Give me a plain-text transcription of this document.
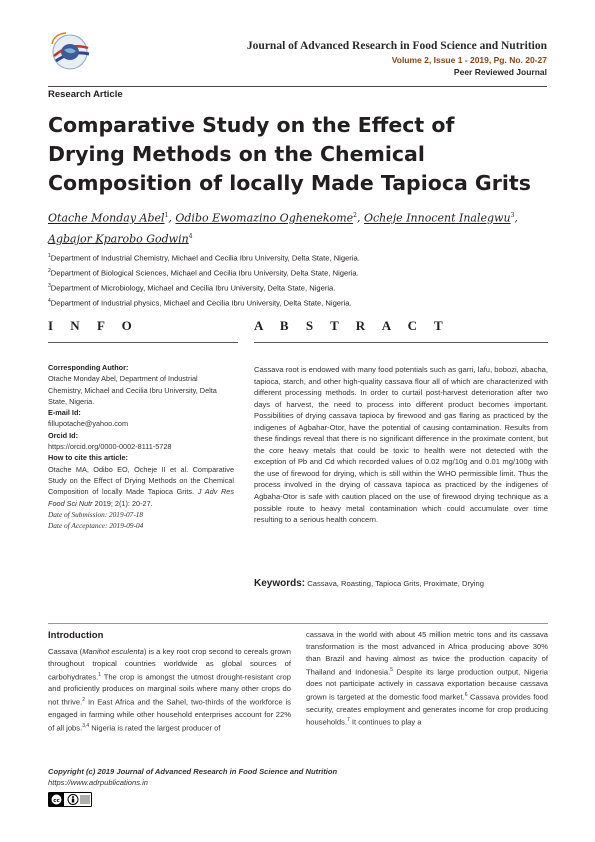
Journal of Advanced Research in Food Science and Nutrition
Volume 2, Issue 1 - 2019, Pg. No. 20-27
Peer Reviewed Journal
Research Article
Comparative Study on the Effect of Drying Methods on the Chemical Composition of locally Made Tapioca Grits
Otache Monday Abel$^1$, Odibo Ewomazino Oghenekome$^2$, Ocheje Innocent Inalegwu$^3$,
Agbajor Kparobo Godwin$^4$
$^1$Department of Industrial Chemistry, Michael and Cecilia Ibru University, Delta State, Nigeria.
$^2$Department of Biological Sciences, Michael and Cecilia Ibru University, Delta State, Nigeria.
$^3$Department of Microbiology, Michael and Cecilia Ibru University, Delta State, Nigeria.
$^4$Department of Industrial physics, Michael and Cecilia Ibru University, Delta State, Nigeria.
I N F O	A B S T R A C T
Corresponding Author:
Otache Monday Abel, Department of Industrial Chemistry, Michael and Cecilia Ibru University, Delta State, Nigeria.
E-mail Id:
fillupotache@yahoo.com
Orcid Id:
https://orcid.org/0000-0002-8111-5728
How to cite this article:
Otache MA, Odibo EO, Ocheje II et al. Comparative Study on the Effect of Drying Methods on the Chemical Composition of locally Made Tapioca Grits. J Adv Res Food Sci Nutr 2019; 2(1): 20-27.
Date of Submission: 2019-07-18
Date of Acceptance: 2019-09-04
Cassava root is endowed with many food potentials such as garri, lafu, bobozi, abacha, tapioca, starch, and other high-quality cassava flour all of which are characterized with different processing methods. In order to curtail post-harvest deterioration after two days of harvest, the need to process into different product becomes important. Possibilities of drying cassava tapioca by firewood and gas flaring as practiced by the indigenes of Agbahar-Otor, have the potential of causing contamination. Results from these findings reveal that there is no significant difference in the proximate content, but the core heavy metals that could be toxic to health were not detected with the exception of Pb and Cd which recorded values of 0.02 mg/10g and 0.01 mg/100g with the use of firewood for drying, which is still within the WHO permissible limit. Thus the process involved in the drying of cassava tapioca as practiced by the indigenes of Agbaha-Otor is safe with caution placed on the use of firewood drying technique as a possible route to heavy metal contamination which could accumulate over time resulting to a serious health concern.
Keywords: Cassava, Roasting, Tapioca Grits, Proximate, Drying
Introduction
Cassava (Manihot esculenta) is a key root crop second to cereals grown throughout tropical countries worldwide as global sources of carbohydrates.$^1$ The crop is amongst the utmost drought-resistant crop and proficiently produces on marginal soils where many other crops do not thrive.$^2$ In East Africa and the Sahel, two-thirds of the workforce is engaged in farming while other household enterprises account for 22% of all jobs.$^{3,4}$ Nigeria is rated the largest producer of
cassava in the world with about 45 million metric tons and its cassava transformation is the most advanced in Africa producing above 30% than Brazil and having almost as twice the production capacity of Thailand and Indonesia.$^5$ Despite its large production output, Nigeria does not participate actively in cassava exportation because cassava grown is targeted at the domestic food market.$^6$ Cassava provides food security, creates employment and generates income for crop producing households.$^7$ It continues to play a
Copyright (c) 2019 Journal of Advanced Research in Food Science and Nutrition
https://www.adrpublications.in
cc
